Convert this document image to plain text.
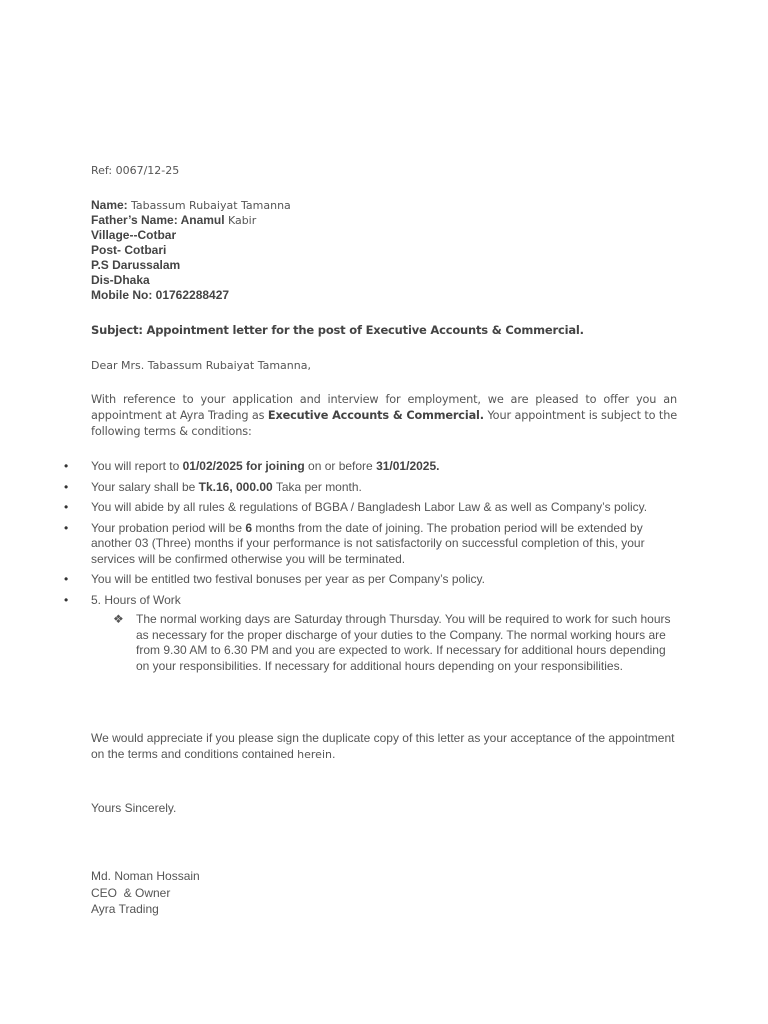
Ref: 0067/12-25
Name: Tabassum Rubaiyat Tamanna
Father’s Name: Anamul Kabir
Village--Cotbar
Post- Cotbari
P.S Darussalam
Dis-Dhaka
Mobile No: 01762288427
Subject: Appointment letter for the post of Executive Accounts & Commercial.
Dear Mrs. Tabassum Rubaiyat Tamanna,
With reference to your application and interview for employment, we are pleased to offer you an appointment at Ayra Trading as Executive Accounts & Commercial. Your appointment is subject to the following terms & conditions:
•	You will report to 01/02/2025 for joining on or before 31/01/2025.
•	Your salary shall be Tk.16, 000.00 Taka per month.
•	You will abide by all rules & regulations of BGBA / Bangladesh Labor Law & as well as Company’s policy.
•	Your probation period will be 6 months from the date of joining. The probation period will be extended by another 03 (Three) months if your performance is not satisfactorily on successful completion of this, your services will be confirmed otherwise you will be terminated.
•	You will be entitled two festival bonuses per year as per Company’s policy.
•	5. Hours of Work
❖ The normal working days are Saturday through Thursday. You will be required to work for such hours as necessary for the proper discharge of your duties to the Company. The normal working hours are from 9.30 AM to 6.30 PM and you are expected to work. If necessary for additional hours depending on your responsibilities. If necessary for additional hours depending on your responsibilities.
We would appreciate if you please sign the duplicate copy of this letter as your acceptance of the appointment on the terms and conditions contained herein.
Yours Sincerely.
Md. Noman Hossain
CEO  & Owner
Ayra Trading
